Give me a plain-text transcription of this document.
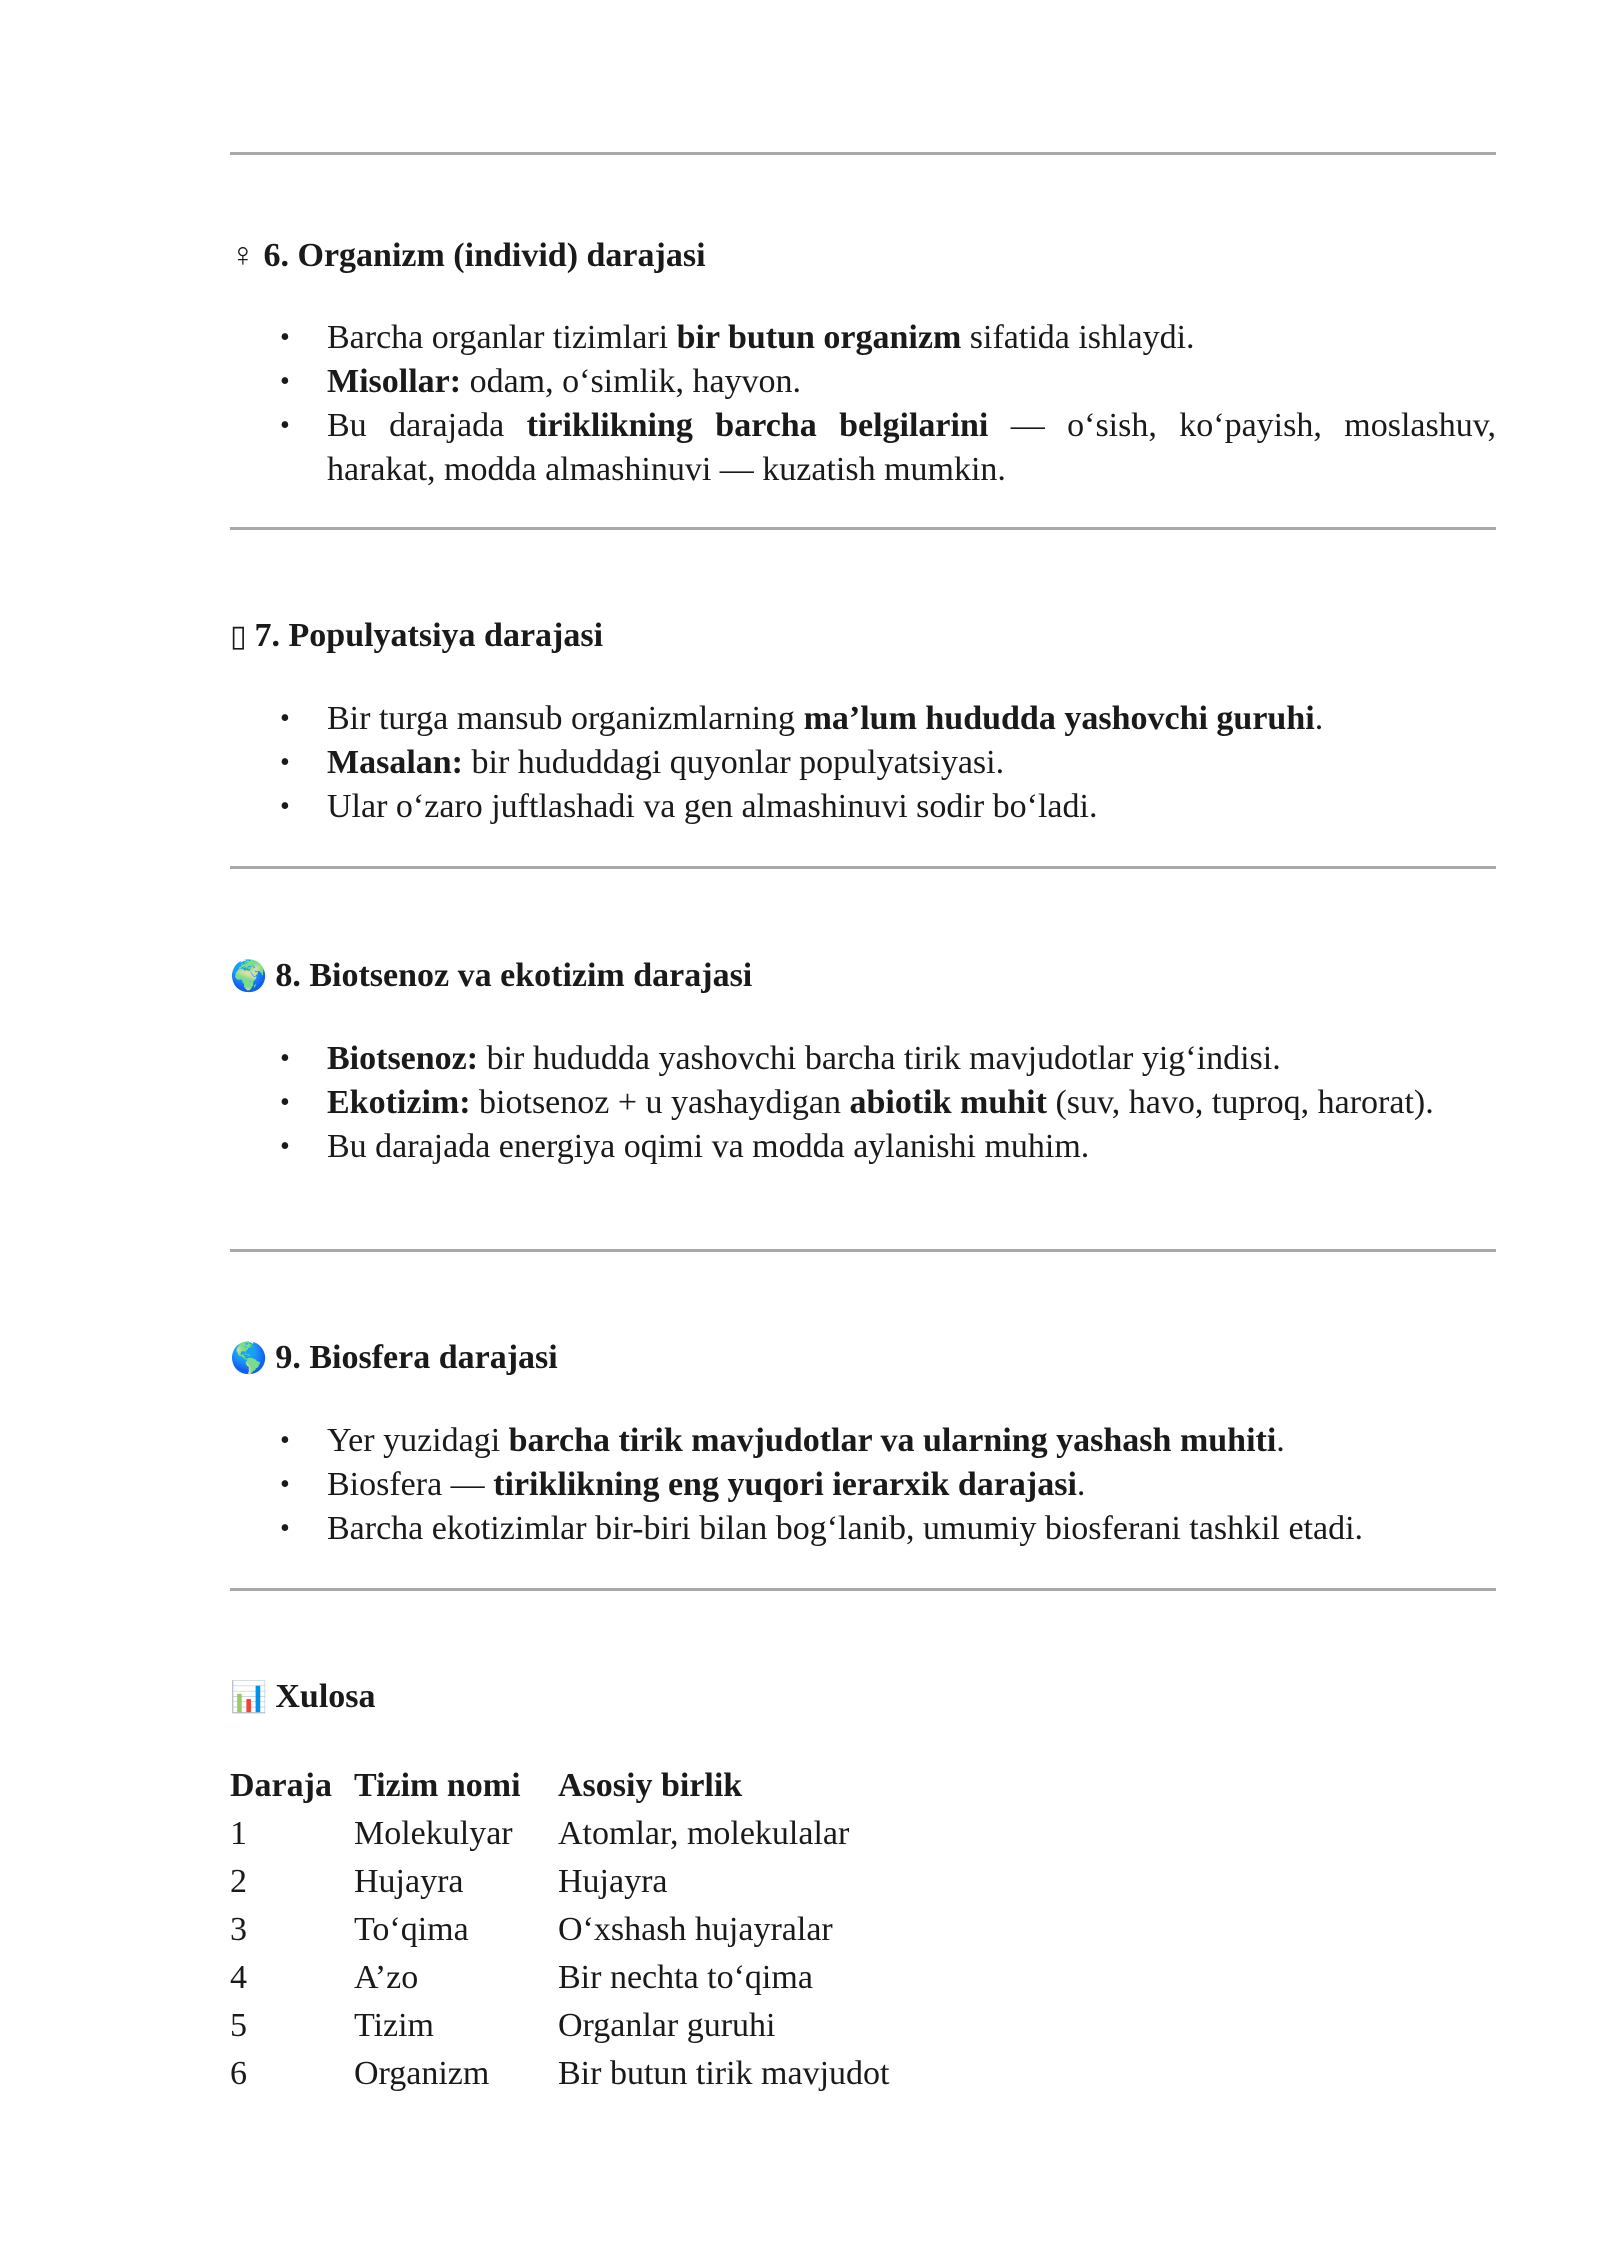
♀ 6. Organizm (individ) darajasi
• Barcha organlar tizimlari bir butun organizm sifatida ishlaydi.
• Misollar: odam, o‘simlik, hayvon.
• Bu darajada tiriklikning barcha belgilarini — o‘sish, ko‘payish, moslashuv, harakat, modda almashinuvi — kuzatish mumkin.
▯ 7. Populyatsiya darajasi
• Bir turga mansub organizmlarning ma’lum hududda yashovchi guruhi.
• Masalan: bir hududdagi quyonlar populyatsiyasi.
• Ular o‘zaro juftlashadi va gen almashinuvi sodir bo‘ladi.
🌍 8. Biotsenoz va ekotizim darajasi
• Biotsenoz: bir hududda yashovchi barcha tirik mavjudotlar yig‘indisi.
• Ekotizim: biotsenoz + u yashaydigan abiotik muhit (suv, havo, tuproq, harorat).
• Bu darajada energiya oqimi va modda aylanishi muhim.
🌎 9. Biosfera darajasi
• Yer yuzidagi barcha tirik mavjudotlar va ularning yashash muhiti.
• Biosfera — tiriklikning eng yuqori ierarxik darajasi.
• Barcha ekotizimlar bir-biri bilan bog‘lanib, umumiy biosferani tashkil etadi.
📊 Xulosa
Daraja	Tizim nomi	Asosiy birlik
1	Molekulyar	Atomlar, molekulalar
2	Hujayra	Hujayra
3	To‘qima	O‘xshash hujayralar
4	A’zo	Bir nechta to‘qima
5	Tizim	Organlar guruhi
6	Organizm	Bir butun tirik mavjudot
